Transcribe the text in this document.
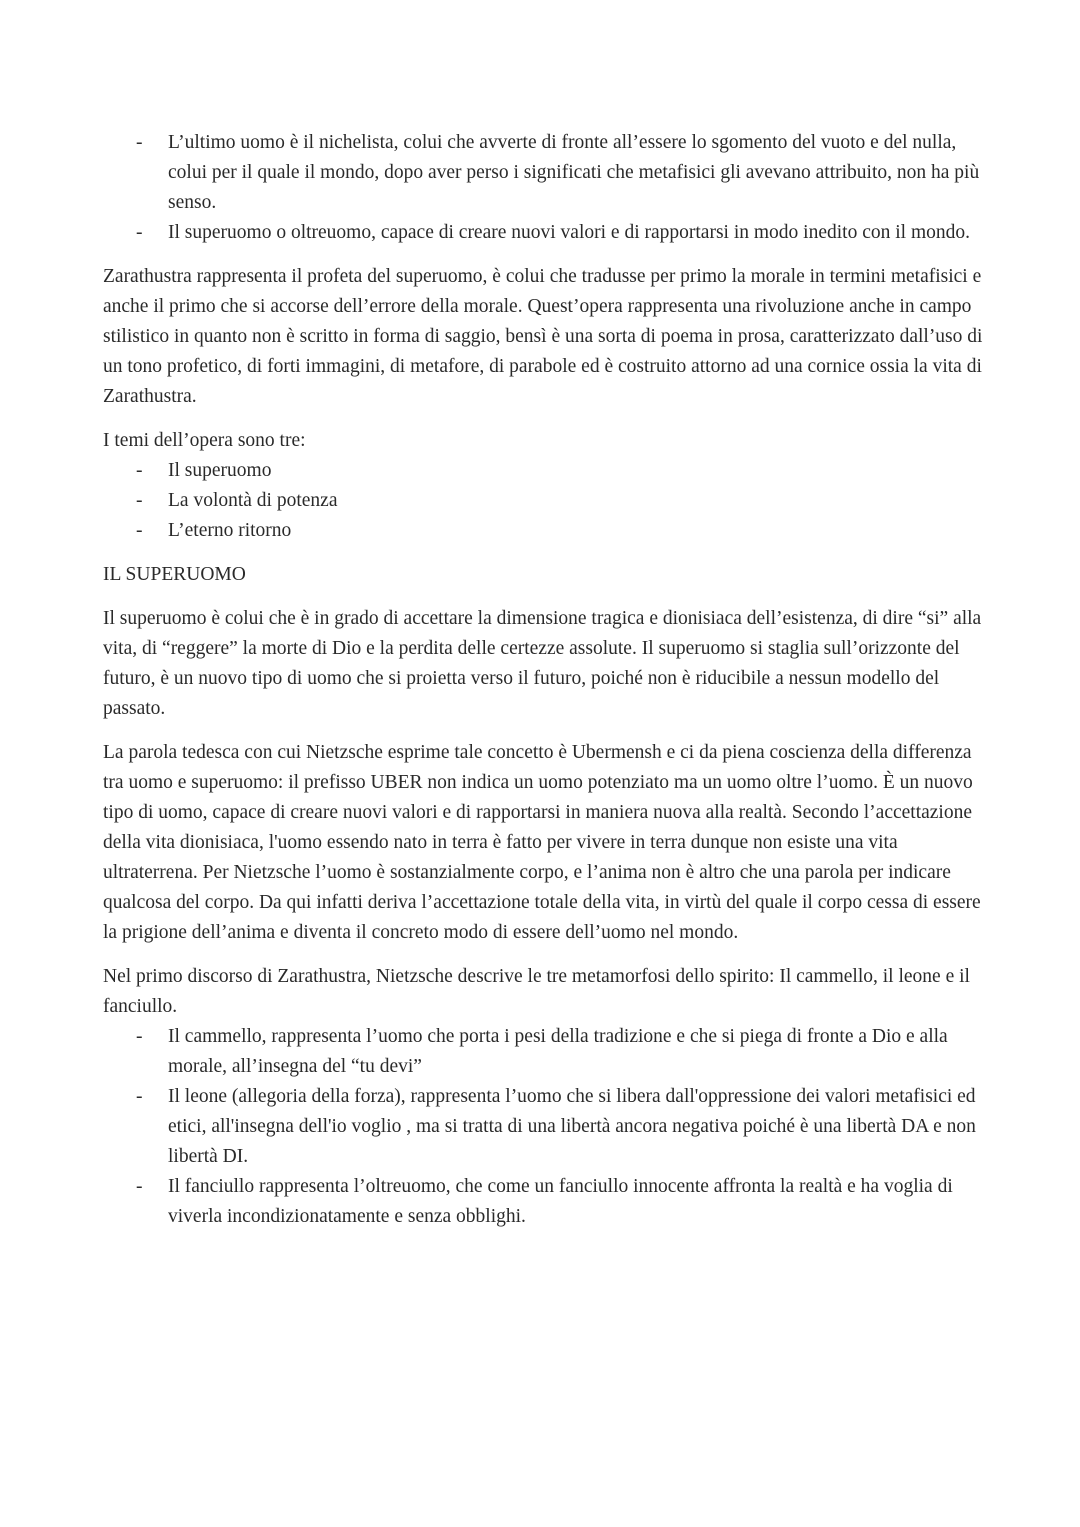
- L’ultimo uomo è il nichelista, colui che avverte di fronte all’essere lo sgomento del vuoto e del nulla, colui per il quale il mondo, dopo aver perso i significati che metafisici gli avevano attribuito, non ha più senso.
- Il superuomo o oltreuomo, capace di creare nuovi valori e di rapportarsi in modo inedito con il mondo.

Zarathustra rappresenta il profeta del superuomo, è colui che tradusse per primo la morale in termini metafisici e anche il primo che si accorse dell’errore della morale. Quest’opera rappresenta una rivoluzione anche in campo stilistico in quanto non è scritto in forma di saggio, bensì è una sorta di poema in prosa, caratterizzato dall’uso di un tono profetico, di forti immagini, di metafore, di parabole ed è costruito attorno ad una cornice ossia la vita di Zarathustra.

I temi dell’opera sono tre:

- Il superuomo
- La volontà di potenza
- L’eterno ritorno

IL SUPERUOMO

Il superuomo è colui che è in grado di accettare la dimensione tragica e dionisiaca dell’esistenza, di dire “si” alla vita, di “reggere” la morte di Dio e la perdita delle certezze assolute. Il superuomo si staglia sull’orizzonte del futuro, è un nuovo tipo di uomo che si proietta verso il futuro, poiché non è riducibile a nessun modello del passato.

La parola tedesca con cui Nietzsche esprime tale concetto è Ubermensh e ci da piena coscienza della differenza tra uomo e superuomo: il prefisso UBER non indica un uomo potenziato ma un uomo oltre l’uomo. È un nuovo tipo di uomo, capace di creare nuovi valori e di rapportarsi in maniera nuova alla realtà. Secondo l’accettazione della vita dionisiaca, l'uomo essendo nato in terra è fatto per vivere in terra dunque non esiste una vita ultraterrena. Per Nietzsche l’uomo è sostanzialmente corpo, e l’anima non è altro che una parola per indicare qualcosa del corpo. Da qui infatti deriva l’accettazione totale della vita, in virtù del quale il corpo cessa di essere la prigione dell’anima e diventa il concreto modo di essere dell’uomo nel mondo.

Nel primo discorso di Zarathustra, Nietzsche descrive le tre metamorfosi dello spirito: Il cammello, il leone e il fanciullo.

- Il cammello, rappresenta l’uomo che porta i pesi della tradizione e che si piega di fronte a Dio e alla morale, all’insegna del “tu devi”
- Il leone (allegoria della forza), rappresenta l’uomo che si libera dall'oppressione dei valori metafisici ed etici, all'insegna dell'io voglio , ma si tratta di una libertà ancora negativa poiché è una libertà DA e non libertà DI.
- Il fanciullo rappresenta l’oltreuomo, che come un fanciullo innocente affronta la realtà e ha voglia di viverla incondizionatamente e senza obblighi.
